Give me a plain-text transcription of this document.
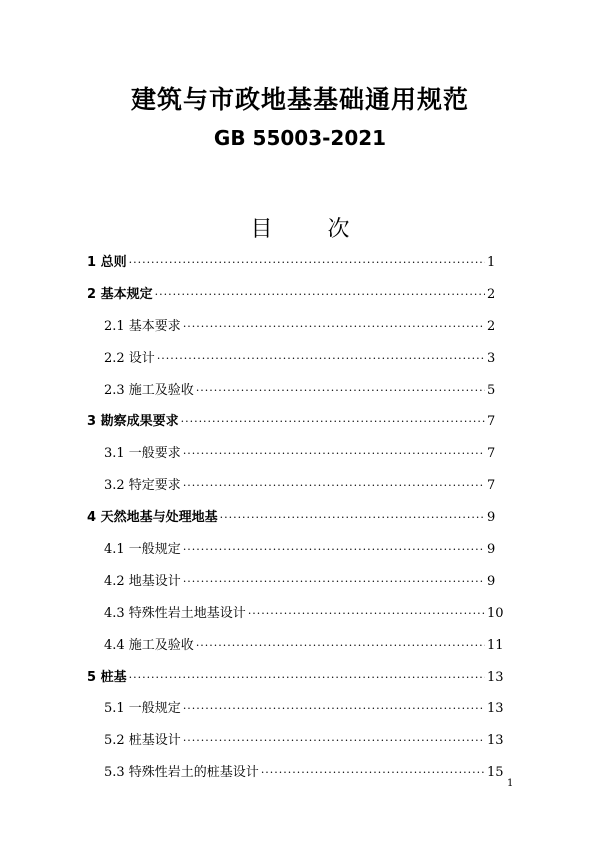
建筑与市政地基基础通用规范
GB 55003-2021
目 次
1 总则 ·····	1
2 基本规定 ·····	2
2.1 基本要求 ·····	2
2.2 设计 ·····	3
2.3 施工及验收 ·····	5
3 勘察成果要求 ·····	7
3.1 一般要求 ·····	7
3.2 特定要求 ·····	7
4 天然地基与处理地基 ·····	9
4.1 一般规定 ·····	9
4.2 地基设计 ·····	9
4.3 特殊性岩土地基设计 ·····	10
4.4 施工及验收 ·····	11
5 桩基 ·····	13
5.1 一般规定 ·····	13
5.2 桩基设计 ·····	13
5.3 特殊性岩土的桩基设计 ·····	15
1
